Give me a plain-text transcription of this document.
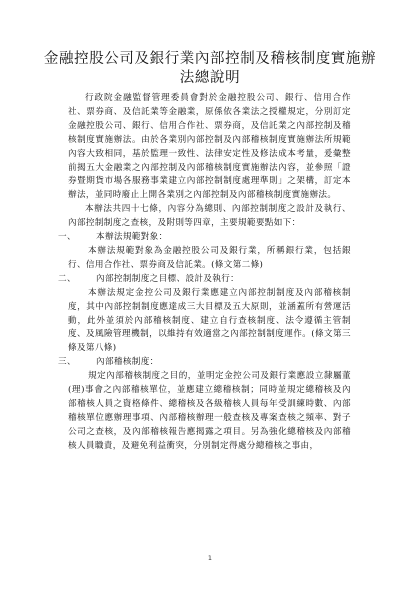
金融控股公司及銀行業內部控制及稽核制度實施辦法總說明

行政院金融監督管理委員會對於金融控股公司、銀行、信用合作社、票券商、及信託業等金融業，原係依各業法之授權規定，分別訂定金融控股公司、銀行、信用合作社、票券商，及信託業之內部控制及稽核制度實施辦法。由於各業別內部控制及內部稽核制度實施辦法所規範內容大致相同，基於監理一致性、法律安定性及修法成本考量，爰彙整前揭五大金融業之內部控制及內部稽核制度實施辦法內容，並參照「證券暨期貨市場各服務事業建立內部控制制度處理準則」之架構，訂定本辦法，並同時廢止上開各業別之內部控制及內部稽核制度實施辦法。

本辦法共四十七條，內容分為總則、內部控制制度之設計及執行、內部控制制度之查核，及附則等四章，主要規範要點如下：

一、	本辦法規範對象：

本辦法規範對象為金融控股公司及銀行業，所稱銀行業，包括銀行、信用合作社、票券商及信託業。(條文第二條)

二、	內部控制制度之目標、設計及執行：

本辦法規定金控公司及銀行業應建立內部控制制度及內部稽核制度，其中內部控制制度應達成三大目標及五大原則，並涵蓋所有營運活動，此外並須於內部稽核制度、建立自行查核制度、法令遵循主管制度、及風險管理機制，以維持有效適當之內部控制制度運作。(條文第三條及第八條)

三、	內部稽核制度：

規定內部稽核制度之目的，並明定金控公司及銀行業應設立隸屬董(理)事會之內部稽核單位，並應建立總稽核制；同時並規定總稽核及內部稽核人員之資格條件、總稽核及各級稽核人員每年受訓練時數、內部稽核單位應辦理事項、內部稽核辦理一般查核及專案查核之頻率、對子公司之查核，及內部稽核報告應揭露之項目。另為強化總稽核及內部稽核人員職責，及避免利益衝突，分別制定得處分總稽核之事由，

1
